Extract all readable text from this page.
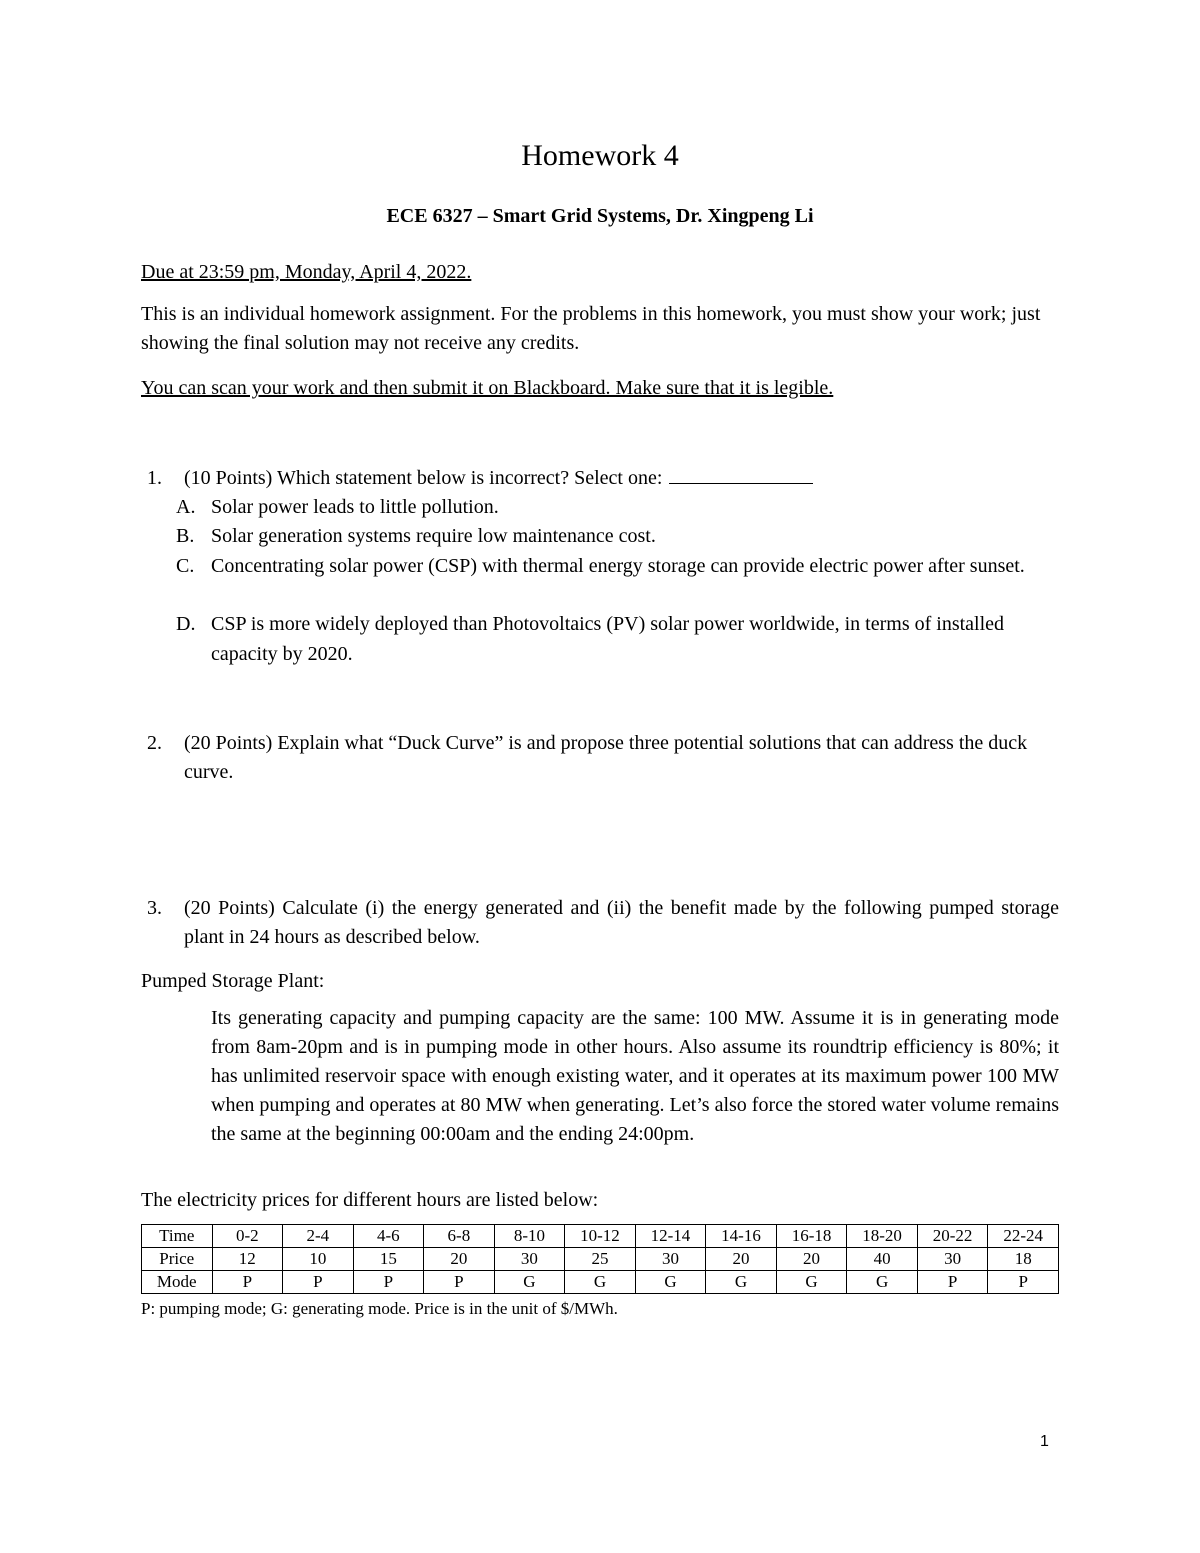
Homework 4
ECE 6327 – Smart Grid Systems, Dr. Xingpeng Li
Due at 23:59 pm, Monday, April 4, 2022.
This is an individual homework assignment. For the problems in this homework, you must show your work; just showing the final solution may not receive any credits.
You can scan your work and then submit it on Blackboard. Make sure that it is legible.
1. (10 Points) Which statement below is incorrect? Select one:
A. Solar power leads to little pollution.
B. Solar generation systems require low maintenance cost.
C. Concentrating solar power (CSP) with thermal energy storage can provide electric power after sunset.
D. CSP is more widely deployed than Photovoltaics (PV) solar power worldwide, in terms of installed capacity by 2020.
2. (20 Points) Explain what “Duck Curve” is and propose three potential solutions that can address the duck curve.
3. (20 Points) Calculate (i) the energy generated and (ii) the benefit made by the following pumped storage plant in 24 hours as described below.
Pumped Storage Plant:
Its generating capacity and pumping capacity are the same: 100 MW. Assume it is in generating mode from 8am-20pm and is in pumping mode in other hours. Also assume its roundtrip efficiency is 80%; it has unlimited reservoir space with enough existing water, and it operates at its maximum power 100 MW when pumping and operates at 80 MW when generating. Let’s also force the stored water volume remains the same at the beginning 00:00am and the ending 24:00pm.
The electricity prices for different hours are listed below:
Time	0-2	2-4	4-6	6-8	8-10	10-12	12-14	14-16	16-18	18-20	20-22	22-24
Price	12	10	15	20	30	25	30	20	20	40	30	18
Mode	P	P	P	P	G	G	G	G	G	G	P	P
P: pumping mode; G: generating mode. Price is in the unit of $/MWh.
1
